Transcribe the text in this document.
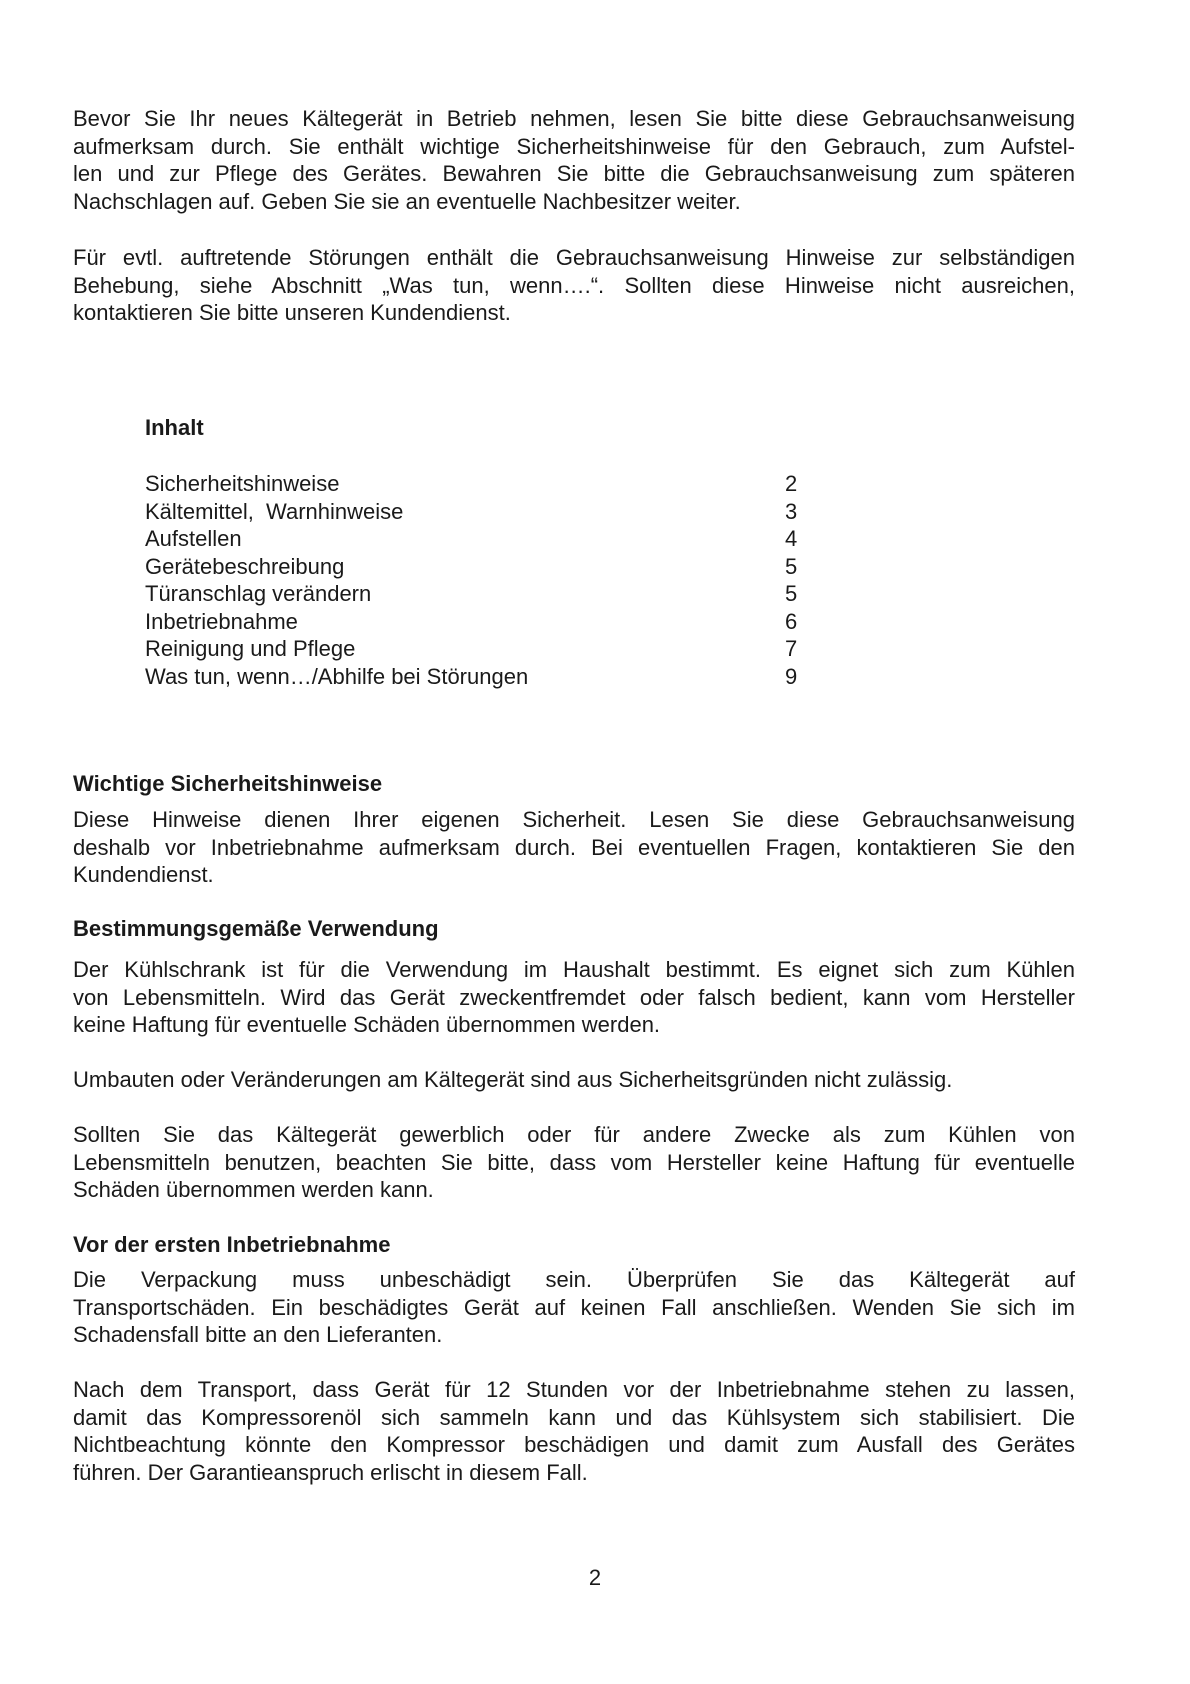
Bevor Sie Ihr neues Kältegerät in Betrieb nehmen, lesen Sie bitte diese Gebrauchsanweisung
aufmerksam durch. Sie enthält wichtige Sicherheitshinweise für den Gebrauch, zum Aufstel-
len und zur Pflege des Gerätes. Bewahren Sie bitte die Gebrauchsanweisung zum späteren
Nachschlagen auf. Geben Sie sie an eventuelle Nachbesitzer weiter.
Für evtl. auftretende Störungen enthält die Gebrauchsanweisung Hinweise zur selbständigen
Behebung, siehe Abschnitt „Was tun, wenn….“. Sollten diese Hinweise nicht ausreichen,
kontaktieren Sie bitte unseren Kundendienst.

Inhalt

Sicherheitshinweise	2
Kältemittel,  Warnhinweise	3
Aufstellen	4
Gerätebeschreibung	5
Türanschlag verändern	5
Inbetriebnahme	6
Reinigung und Pflege	7
Was tun, wenn…/Abhilfe bei Störungen	9
Wichtige Sicherheitshinweise
Diese Hinweise dienen Ihrer eigenen Sicherheit. Lesen Sie diese Gebrauchsanweisung
deshalb vor Inbetriebnahme aufmerksam durch. Bei eventuellen Fragen, kontaktieren Sie den
Kundendienst.
Bestimmungsgemäße Verwendung
Der Kühlschrank ist für die Verwendung im Haushalt bestimmt. Es eignet sich zum Kühlen
von Lebensmitteln. Wird das Gerät zweckentfremdet oder falsch bedient, kann vom Hersteller
keine Haftung für eventuelle Schäden übernommen werden.
Umbauten oder Veränderungen am Kältegerät sind aus Sicherheitsgründen nicht zulässig.
Sollten Sie das Kältegerät gewerblich oder für andere Zwecke als zum Kühlen von
Lebensmitteln benutzen, beachten Sie bitte, dass vom Hersteller keine Haftung für eventuelle
Schäden übernommen werden kann.
Vor der ersten Inbetriebnahme
Die Verpackung muss unbeschädigt sein. Überprüfen Sie das Kältegerät auf
Transportschäden. Ein beschädigtes Gerät auf keinen Fall anschließen. Wenden Sie sich im
Schadensfall bitte an den Lieferanten.
Nach dem Transport, dass Gerät für 12 Stunden vor der Inbetriebnahme stehen zu lassen,
damit das Kompressorenöl sich sammeln kann und das Kühlsystem sich stabilisiert. Die
Nichtbeachtung könnte den Kompressor beschädigen und damit zum Ausfall des Gerätes
führen. Der Garantieanspruch erlischt in diesem Fall.
2
